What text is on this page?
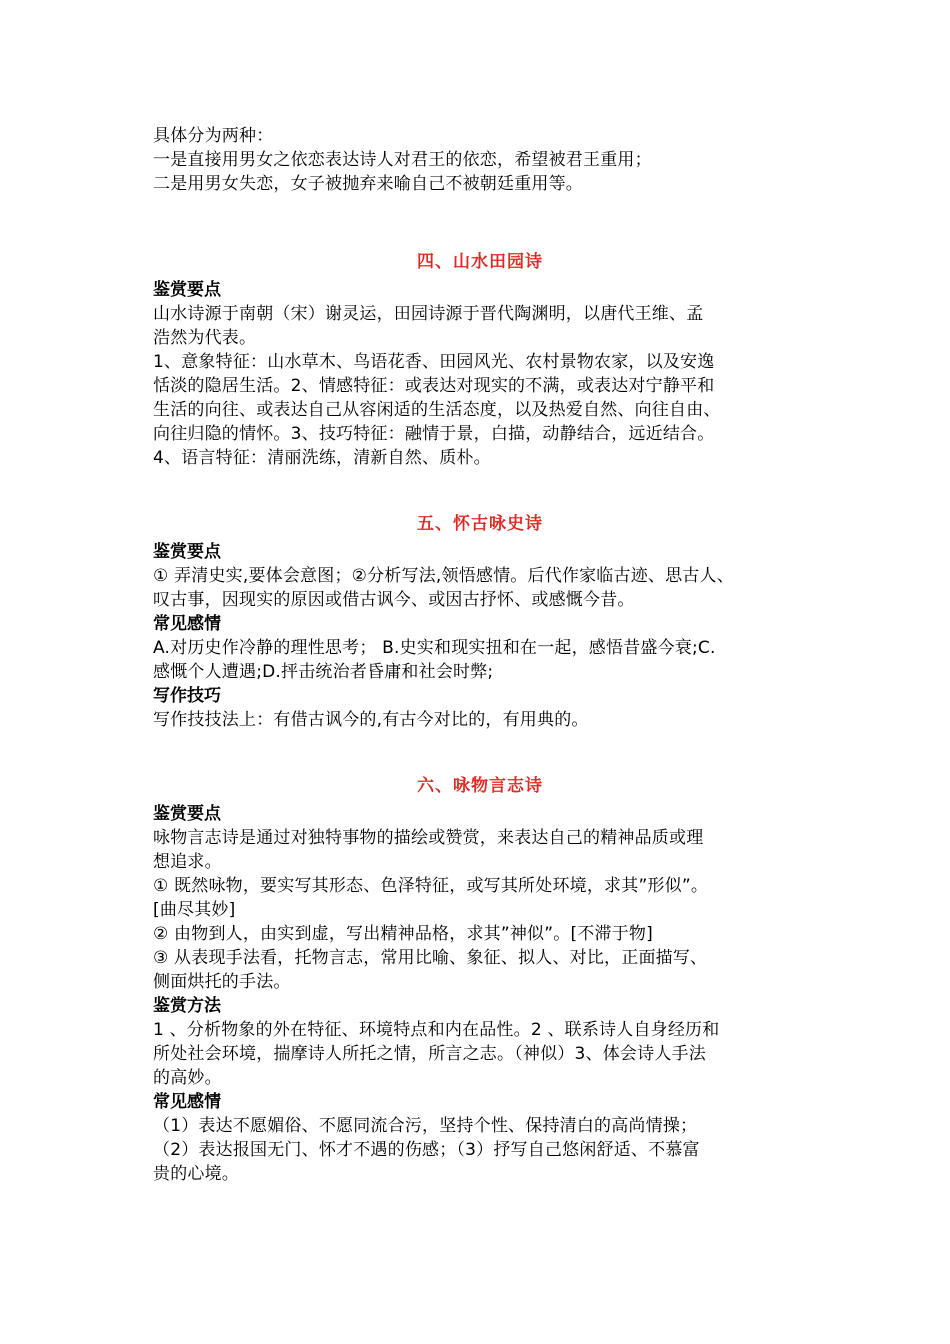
具体分为两种：
一是直接用男女之依恋表达诗人对君王的依恋，希望被君王重用；
二是用男女失恋，女子被抛弃来喻自己不被朝廷重用等。
四、山水田园诗
鉴赏要点
山水诗源于南朝（宋）谢灵运，田园诗源于晋代陶渊明，以唐代王维、孟
浩然为代表。
1、意象特征：山水草木、鸟语花香、田园风光、农村景物农家，以及安逸
恬淡的隐居生活。2、情感特征：或表达对现实的不满，或表达对宁静平和
生活的向往、或表达自己从容闲适的生活态度，以及热爱自然、向往自由、
向往归隐的情怀。3、技巧特征：融情于景，白描，动静结合，远近结合。
4、语言特征：清丽洗练，清新自然、质朴。
五、怀古咏史诗
鉴赏要点
① 弄清史实,要体会意图；②分析写法,领悟感情。后代作家临古迹、思古人、
叹古事，因现实的原因或借古讽今、或因古抒怀、或感慨今昔。
常见感情
A.对历史作冷静的理性思考； B.史实和现实扭和在一起，感悟昔盛今衰;C.
感慨个人遭遇;D.抨击统治者昏庸和社会时弊;
写作技巧
写作技技法上：有借古讽今的,有古今对比的，有用典的。
六、咏物言志诗
鉴赏要点
咏物言志诗是通过对独特事物的描绘或赞赏，来表达自己的精神品质或理
想追求。
① 既然咏物，要实写其形态、色泽特征，或写其所处环境，求其”形似”。
[曲尽其妙]
② 由物到人，由实到虚，写出精神品格，求其”神似”。[不滞于物]
③ 从表现手法看，托物言志，常用比喻、象征、拟人、对比，正面描写、
侧面烘托的手法。
鉴赏方法
1 、分析物象的外在特征、环境特点和内在品性。2 、联系诗人自身经历和
所处社会环境，揣摩诗人所托之情，所言之志。（神似）3、体会诗人手法
的高妙。
常见感情
（1）表达不愿媚俗、不愿同流合污，坚持个性、保持清白的高尚情操；
（2）表达报国无门、怀才不遇的伤感；（3）抒写自己悠闲舒适、不慕富
贵的心境。
